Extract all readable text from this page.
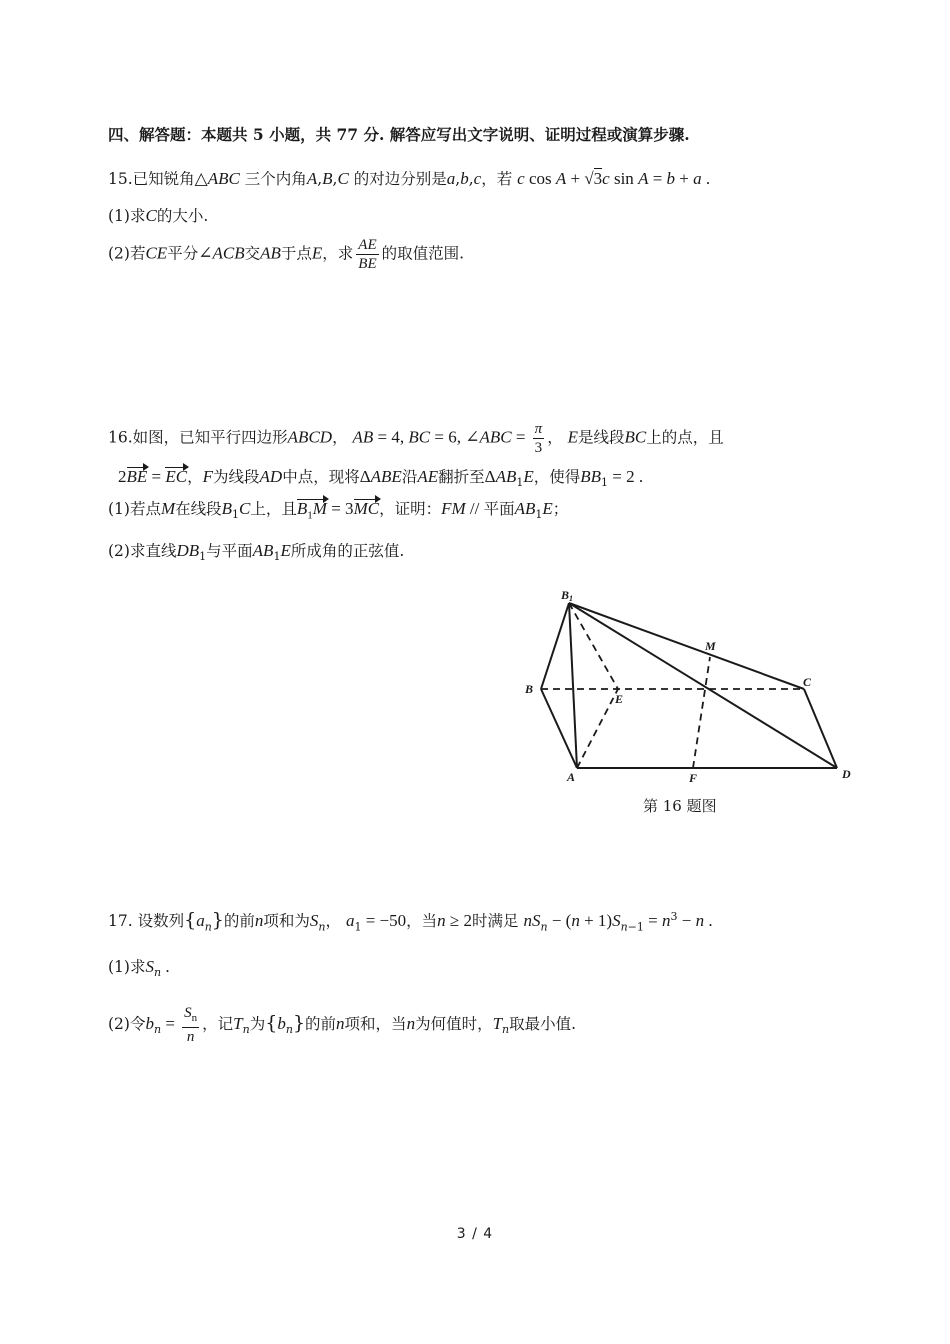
四、解答题：本题共 5 小题，共 77 分. 解答应写出文字说明、证明过程或演算步骤.
15.已知锐角△ABC 三个内角A,B,C 的对边分别是a,b,c，若 c cos A + √3c sin A = b + a .
(1)求C的大小.
(2)若CE平分∠ACB交AB于点E，求 $\frac{AE}{BE}$ 的取值范围.
16.如图，已知平行四边形ABCD， AB = 4, BC = 6, ∠ABC = $\frac{\pi}{3}$ ， E是线段BC上的点，且
2BE = EC，F为线段AD中点，现将ΔABE沿AE翻折至$\Delta AB_1E$，使得$BB_1 = 2$ .
(1)若点M在线段$B_1C$上，且$B_1M = 3MC$，证明：FM // 平面$AB_1E$；
(2)求直线$DB_1$与平面$AB_1E$所成角的正弦值.
B1
M
B
E
C
A	F	D
第 16 题图
17. 设数列$\{a_n\}$的前n项和为$S_n$， $a_1 = -50$，当n ≥ 2时满足 $nS_n - (n + 1)S_{n-1} = n^3 - n$ .
(1)求$S_n$ .
(2)令$b_n = \frac{S_n}{n}$ ，记$T_n$为$\{b_n\}$的前n项和，当n为何值时，$T_n$取最小值.
3 / 4
